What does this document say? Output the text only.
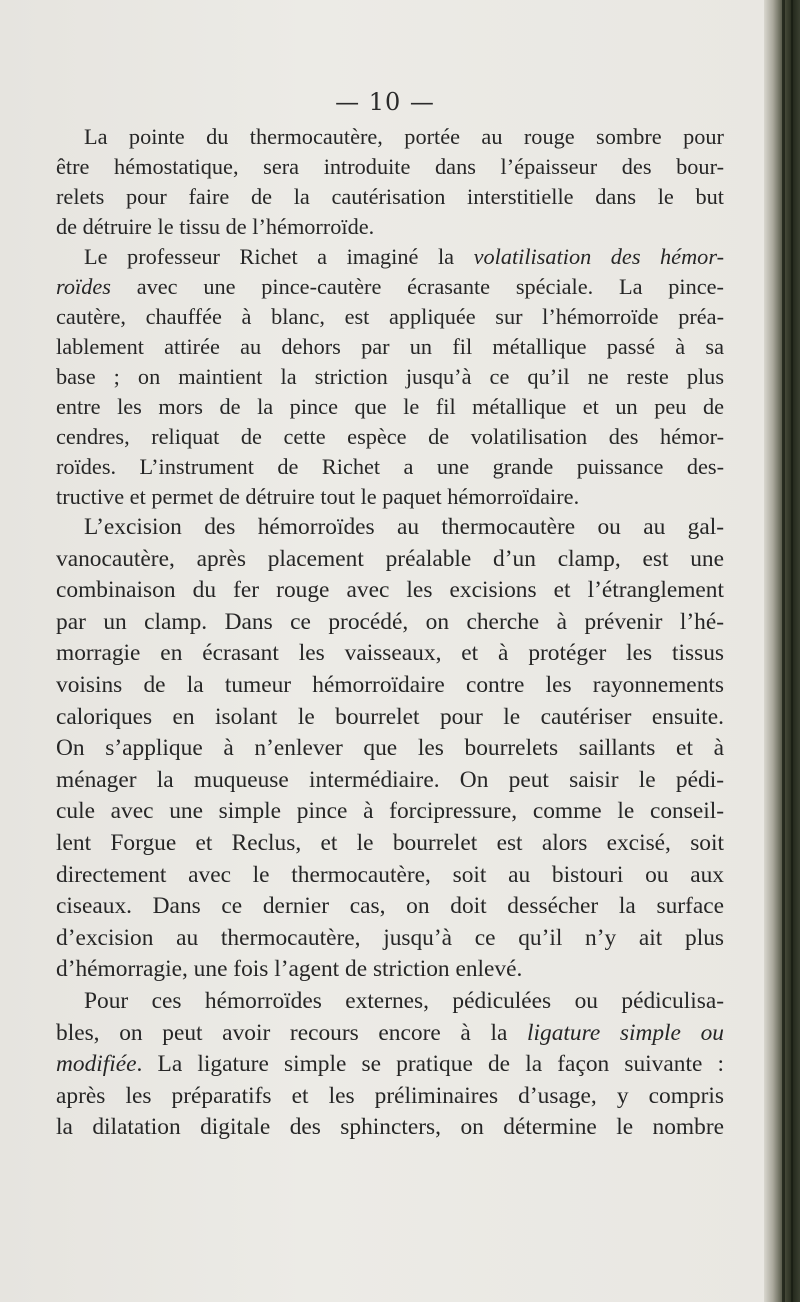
— 10 —
La pointe du thermocautère, portée au rouge sombre pour
être hémostatique, sera introduite dans l’épaisseur des bour-
relets pour faire de la cautérisation interstitielle dans le but
de détruire le tissu de l’hémorroïde.
Le professeur Richet a imaginé la volatilisation des hémor-
roïdes avec une pince-cautère écrasante spéciale. La pince-
cautère, chauffée à blanc, est appliquée sur l’hémorroïde préa-
lablement attirée au dehors par un fil métallique passé à sa
base ; on maintient la striction jusqu’à ce qu’il ne reste plus
entre les mors de la pince que le fil métallique et un peu de
cendres, reliquat de cette espèce de volatilisation des hémor-
roïdes. L’instrument de Richet a une grande puissance des-
tructive et permet de détruire tout le paquet hémorroïdaire.
L’excision des hémorroïdes au thermocautère ou au gal-
vanocautère, après placement préalable d’un clamp, est une
combinaison du fer rouge avec les excisions et l’étranglement
par un clamp. Dans ce procédé, on cherche à prévenir l’hé-
morragie en écrasant les vaisseaux, et à protéger les tissus
voisins de la tumeur hémorroïdaire contre les rayonnements
caloriques en isolant le bourrelet pour le cautériser ensuite.
On s’applique à n’enlever que les bourrelets saillants et à
ménager la muqueuse intermédiaire. On peut saisir le pédi-
cule avec une simple pince à forcipressure, comme le conseil-
lent Forgue et Reclus, et le bourrelet est alors excisé, soit
directement avec le thermocautère, soit au bistouri ou aux
ciseaux. Dans ce dernier cas, on doit dessécher la surface
d’excision au thermocautère, jusqu’à ce qu’il n’y ait plus
d’hémorragie, une fois l’agent de striction enlevé.
Pour ces hémorroïdes externes, pédiculées ou pédiculisa-
bles, on peut avoir recours encore à la ligature simple ou
modifiée. La ligature simple se pratique de la façon suivante :
après les préparatifs et les préliminaires d’usage, y compris
la dilatation digitale des sphincters, on détermine le nombre
